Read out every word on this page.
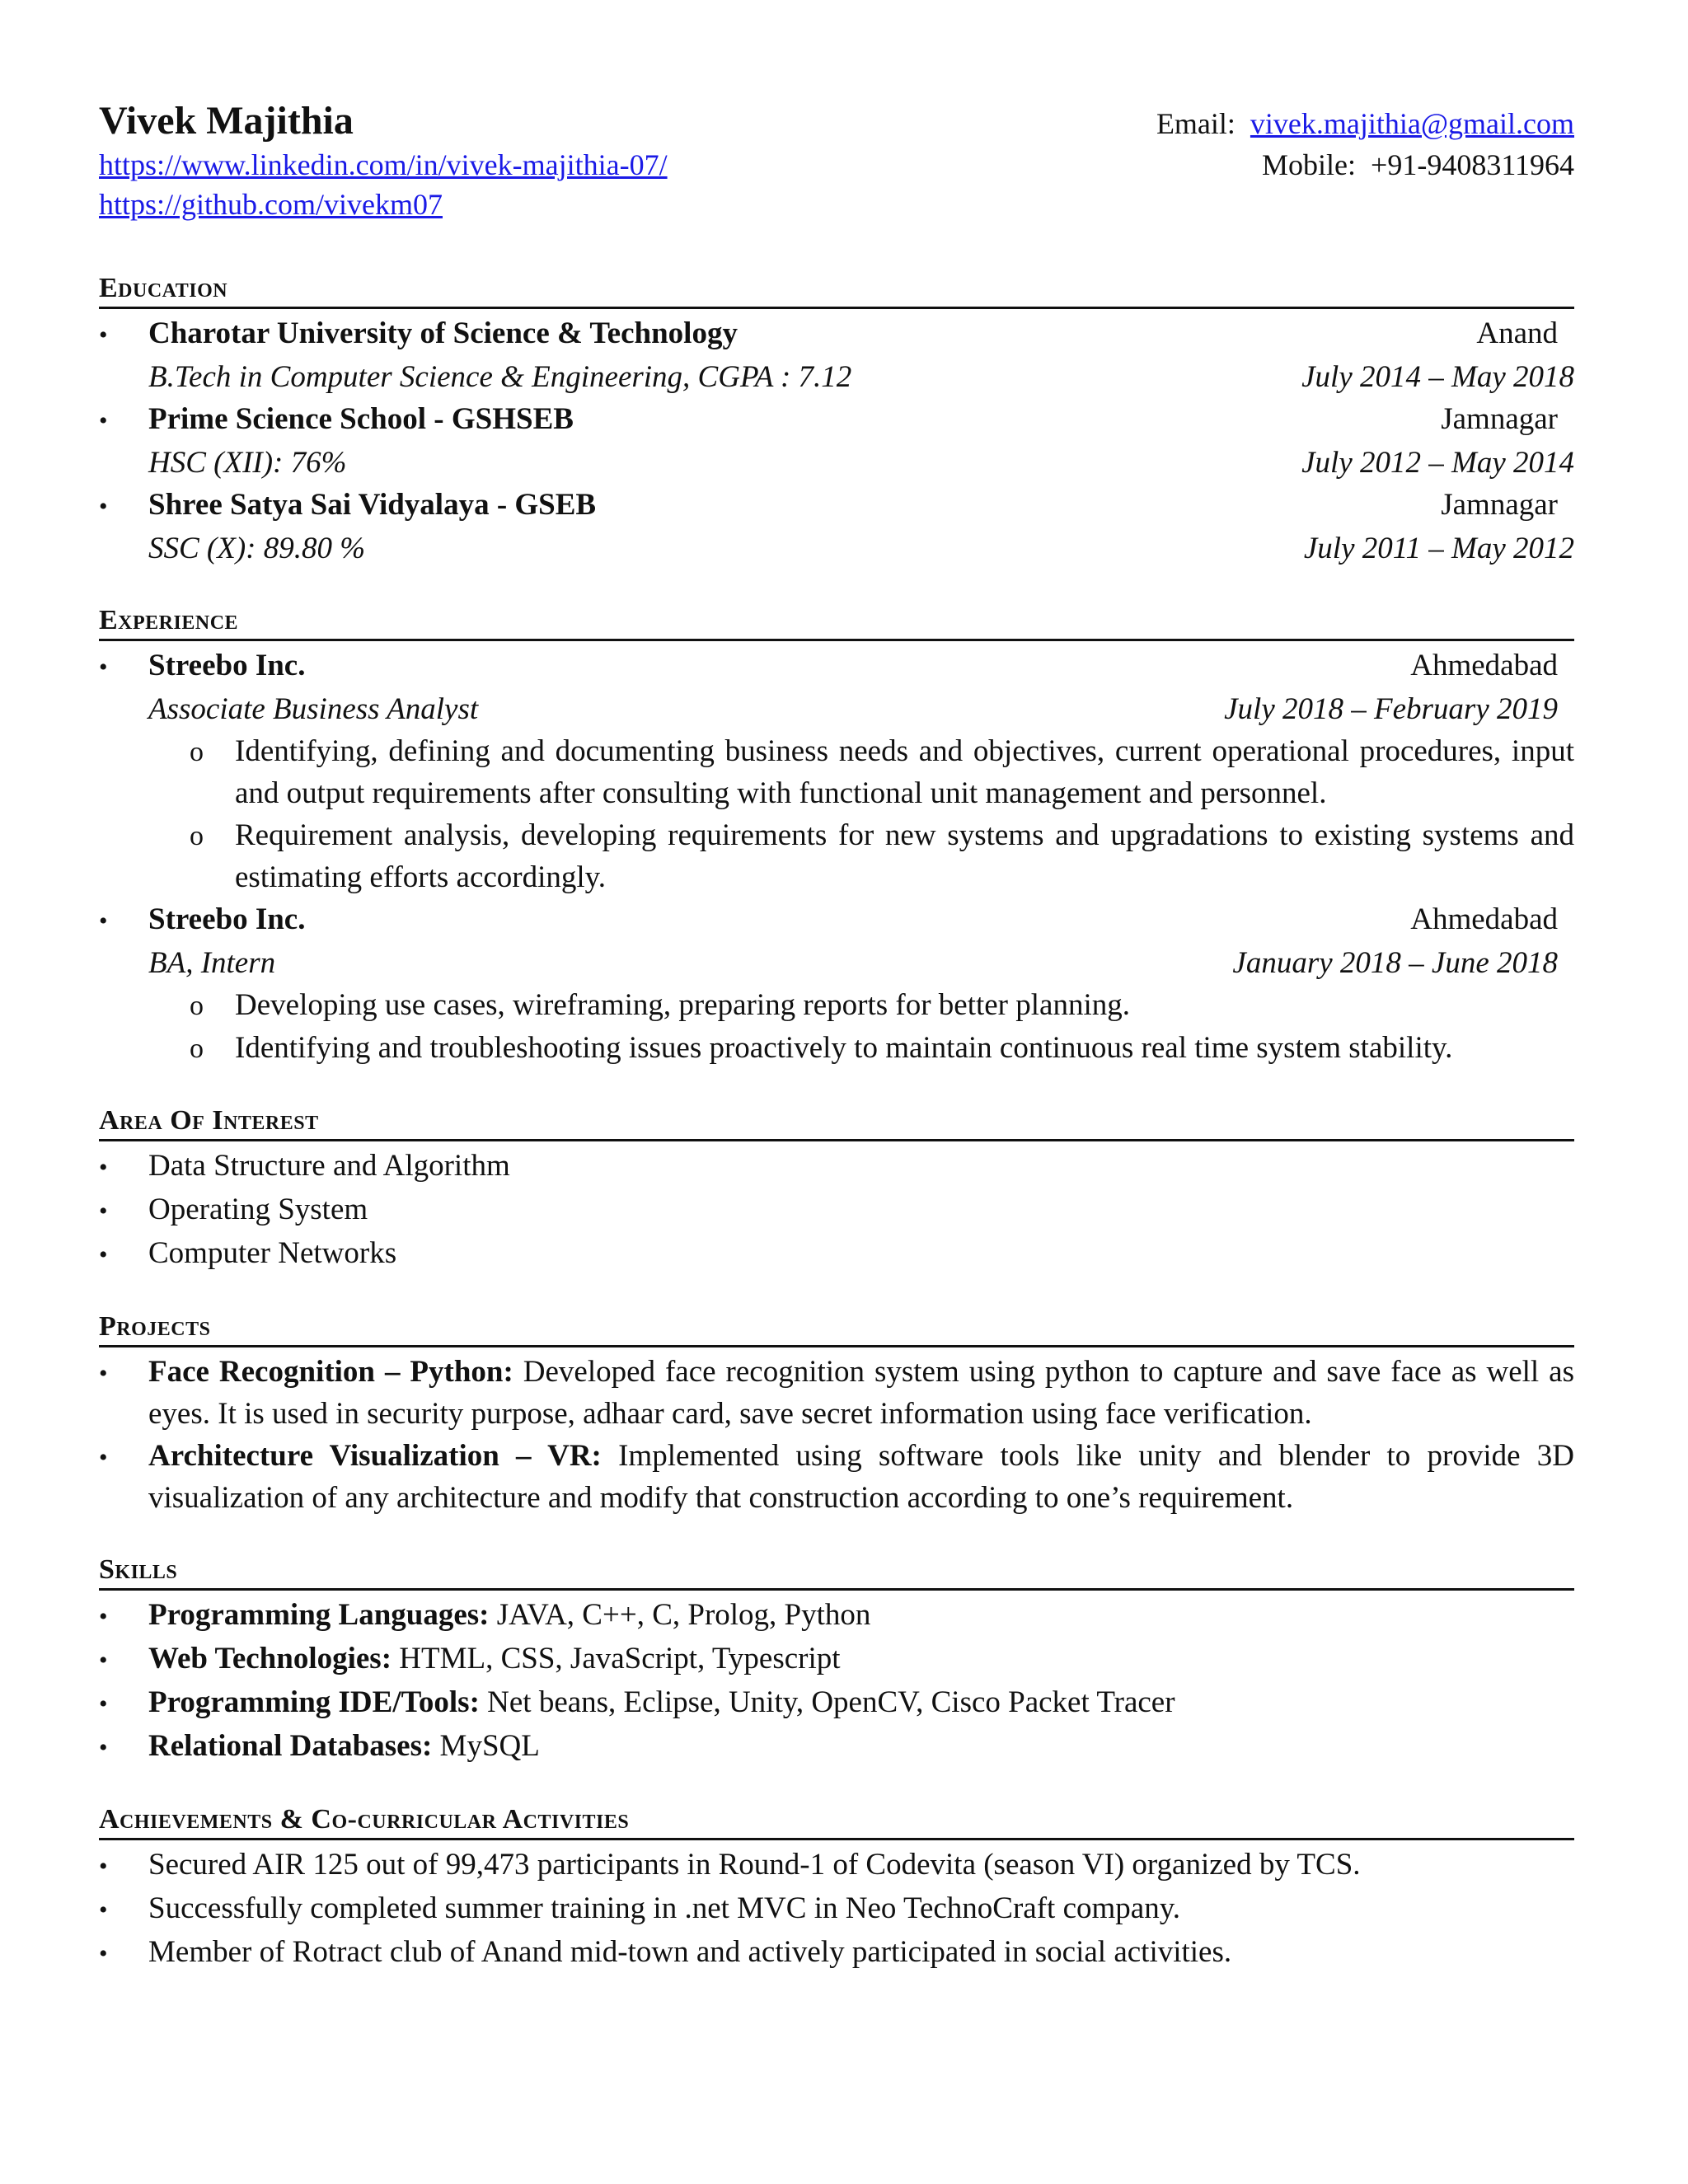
Vivek Majithia	Email: vivek.majithia@gmail.com
https://www.linkedin.com/in/vivek-majithia-07/	Mobile: +91-9408311964
https://github.com/vivekm07
Education
•	Charotar University of Science & Technology	Anand
B.Tech in Computer Science & Engineering, CGPA : 7.12	July 2014 – May 2018
•	Prime Science School - GSHSEB	Jamnagar
HSC (XII): 76%	July 2012 – May 2014
•	Shree Satya Sai Vidyalaya - GSEB	Jamnagar
SSC (X): 89.80 %	July 2011 – May 2012
Experience
•	Streebo Inc.	Ahmedabad
Associate Business Analyst	July 2018 – February 2019
o	Identifying, defining and documenting business needs and objectives, current operational procedures, input and output requirements after consulting with functional unit management and personnel.
o	Requirement analysis, developing requirements for new systems and upgradations to existing systems and estimating efforts accordingly.
•	Streebo Inc.	Ahmedabad
BA, Intern	January 2018 – June 2018
o	Developing use cases, wireframing, preparing reports for better planning.
o	Identifying and troubleshooting issues proactively to maintain continuous real time system stability.
Area Of Interest
•	Data Structure and Algorithm
•	Operating System
•	Computer Networks
Projects
•	Face Recognition – Python: Developed face recognition system using python to capture and save face as well as eyes. It is used in security purpose, adhaar card, save secret information using face verification.
•	Architecture Visualization – VR: Implemented using software tools like unity and blender to provide 3D visualization of any architecture and modify that construction according to one’s requirement.
Skills
•	Programming Languages: JAVA, C++, C, Prolog, Python
•	Web Technologies: HTML, CSS, JavaScript, Typescript
•	Programming IDE/Tools: Net beans, Eclipse, Unity, OpenCV, Cisco Packet Tracer
•	Relational Databases: MySQL
Achievements & Co-curricular Activities
•	Secured AIR 125 out of 99,473 participants in Round-1 of Codevita (season VI) organized by TCS.
•	Successfully completed summer training in .net MVC in Neo TechnoCraft company.
•	Member of Rotract club of Anand mid-town and actively participated in social activities.
